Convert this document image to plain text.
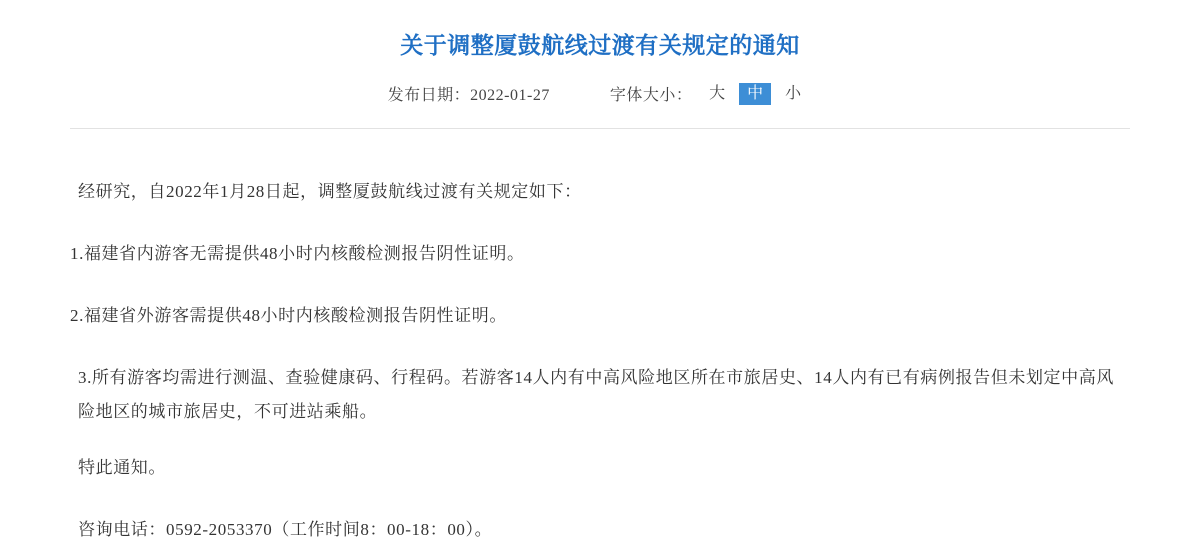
关于调整厦鼓航线过渡有关规定的通知
发布日期：2022-01-27	字体大小：	大	中	小

经研究，自2022年1月28日起，调整厦鼓航线过渡有关规定如下：

1.福建省内游客无需提供48小时内核酸检测报告阴性证明。

2.福建省外游客需提供48小时内核酸检测报告阴性证明。

3.所有游客均需进行测温、查验健康码、行程码。若游客14人内有中高风险地区所在市旅居史、14人内有已有病例报告但未划定中高风险地区的城市旅居史，不可进站乘船。

特此通知。

咨询电话：0592-2053370（工作时间8：00-18：00）。
